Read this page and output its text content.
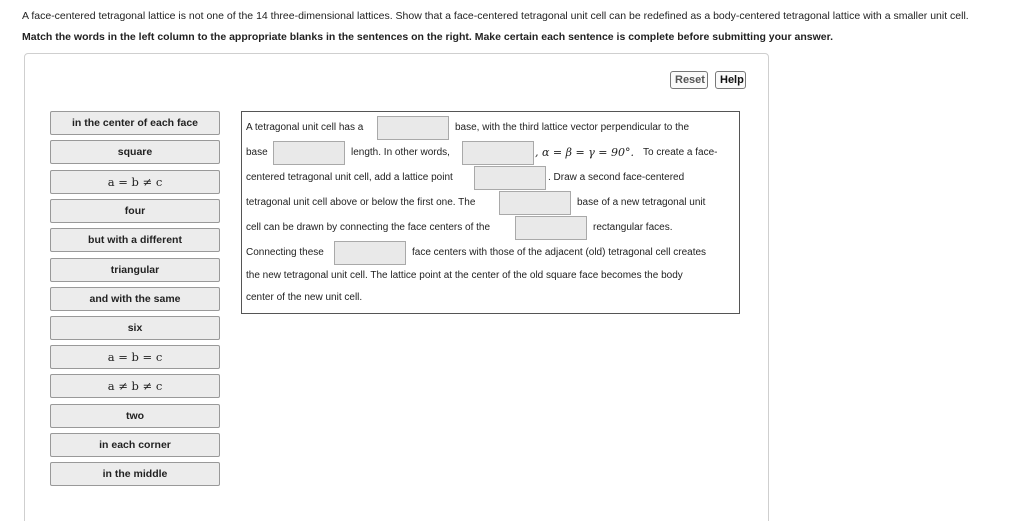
A face-centered tetragonal lattice is not one of the 14 three-dimensional lattices. Show that a face-centered tetragonal unit cell can be redefined as a body-centered tetragonal lattice with a smaller unit cell.
Match the words in the left column to the appropriate blanks in the sentences on the right. Make certain each sentence is complete before submitting your answer.
Reset	Help
in the center of each face
square
a = b ≠ c
four
but with a different
triangular
and with the same
six
a = b = c
a ≠ b ≠ c
two
in each corner
in the middle
A tetragonal unit cell has a	base, with the third lattice vector perpendicular to the
base	length. In other words,	, α = β = γ = 90°. To create a face-
centered tetragonal unit cell, add a lattice point	. Draw a second face-centered
tetragonal unit cell above or below the first one. The	base of a new tetragonal unit
cell can be drawn by connecting the face centers of the	rectangular faces.
Connecting these	face centers with those of the adjacent (old) tetragonal cell creates
the new tetragonal unit cell. The lattice point at the center of the old square face becomes the body
center of the new unit cell.
